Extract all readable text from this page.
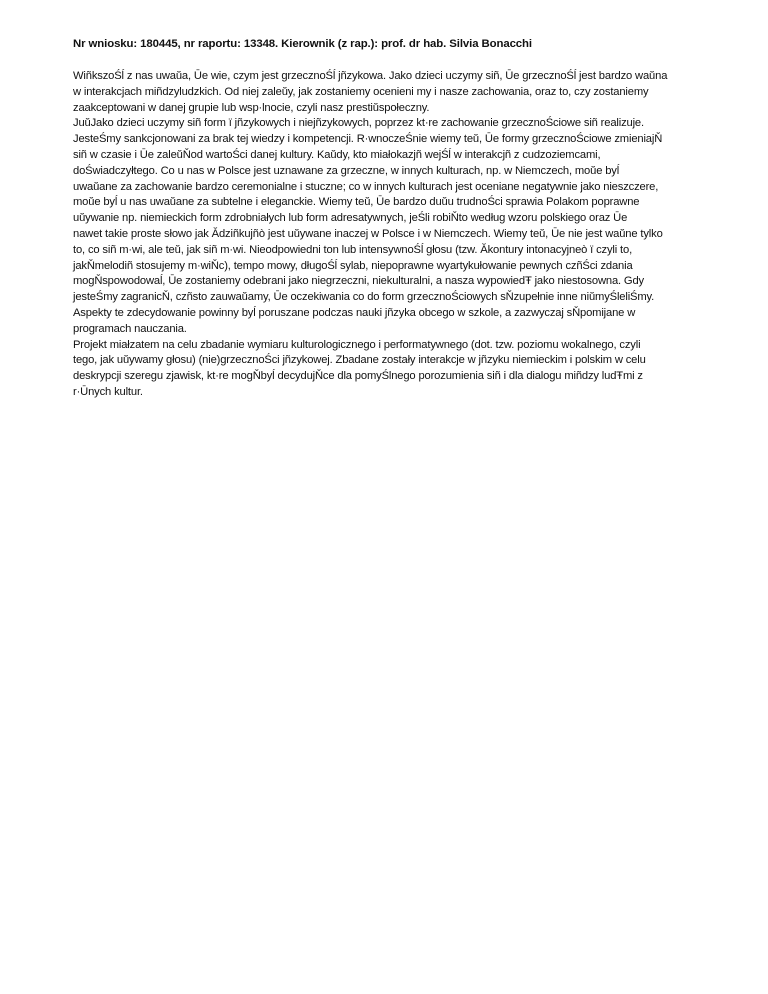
Nr wniosku: 180445, nr raportu: 13348. Kierownik (z rap.): prof. dr hab. Silvia Bonacchi
WiñkszoŚĺ z nas uwaŭa, Ūe wie, czym jest grzecznoŚĺ jñzykowa. Jako dzieci uczymy siñ, Ūe grzecznoŚĺ jest bardzo waŭna
w interakcjach miñdzyludzkich. Od niej zaleŭy, jak zostaniemy ocenieni my i nasze zachowania, oraz to, czy zostaniemy
zaakceptowani w danej grupie lub wsp·lnocie, czyli nasz prestiŭspołeczny.
JuŭJako dzieci uczymy siñ form ï jñzykowych i niejñzykowych, poprzez kt·re zachowanie grzecznoŚciowe siñ realizuje.
JesteŚmy sankcjonowani za brak tej wiedzy i kompetencji. R·wnoczeŚnie wiemy teŭ, Ūe formy grzecznoŚciowe zmieniajŇ
siñ w czasie i Ūe zaleŭŇod wartoŚci danej kultury. Kaŭdy, kto miałokazjñ wejŚĺ w interakcjñ z cudzoziemcami,
doŚwiadczyłtego. Co u nas w Polsce jest uznawane za grzeczne, w innych kulturach, np. w Niemczech, moŭe byĺ
uwaŭane za zachowanie bardzo ceremonialne i stuczne; co w innych kulturach jest oceniane negatywnie jako nieszczere,
moŭe byĺ u nas uwaŭane za subtelne i eleganckie. Wiemy teŭ, Ūe bardzo duŭu trudnoŚci sprawia Polakom poprawne
uŭywanie np. niemieckich form zdrobniałych lub form adresatywnych, jeŚli robiŇto według wzoru polskiego oraz Ūe
nawet takie proste słowo jak Ădziñkujñò jest uŭywane inaczej w Polsce i w Niemczech. Wiemy teŭ, Ūe nie jest waŭne tylko
to, co siñ m·wi, ale teŭ, jak siñ m·wi. Nieodpowiedni ton lub intensywnoŚĺ głosu (tzw. Ăkontury intonacyjneò ï czyli to,
jakŇmelodiñ stosujemy m·wiŇc), tempo mowy, długoŚĺ sylab, niepoprawne wyartykułowanie pewnych czñŚci zdania
mogŇspowodowaĺ, Ūe zostaniemy odebrani jako niegrzeczni, niekulturalni, a nasza wypowiedŦ jako niestosowna. Gdy
jesteŚmy zagranicŇ, czñsto zauwaŭamy, Ūe oczekiwania co do form grzecznoŚciowych sŇzupełnie inne niŭmyŚleliŚmy.
Aspekty te zdecydowanie powinny byĺ poruszane podczas nauki jñzyka obcego w szkole, a zazwyczaj sŇpomijane w
programach nauczania.
Projekt miałzatem na celu zbadanie wymiaru kulturologicznego i performatywnego (dot. tzw. poziomu wokalnego, czyli
tego, jak uŭywamy głosu) (nie)grzecznoŚci jñzykowej. Zbadane zostały interakcje w jñzyku niemieckim i polskim w celu
deskrypcji szeregu zjawisk, kt·re mogŇbyĺ decydujŇce dla pomyŚlnego porozumienia siñ i dla dialogu miñdzy ludŦmi z
r·Ūnych kultur.
